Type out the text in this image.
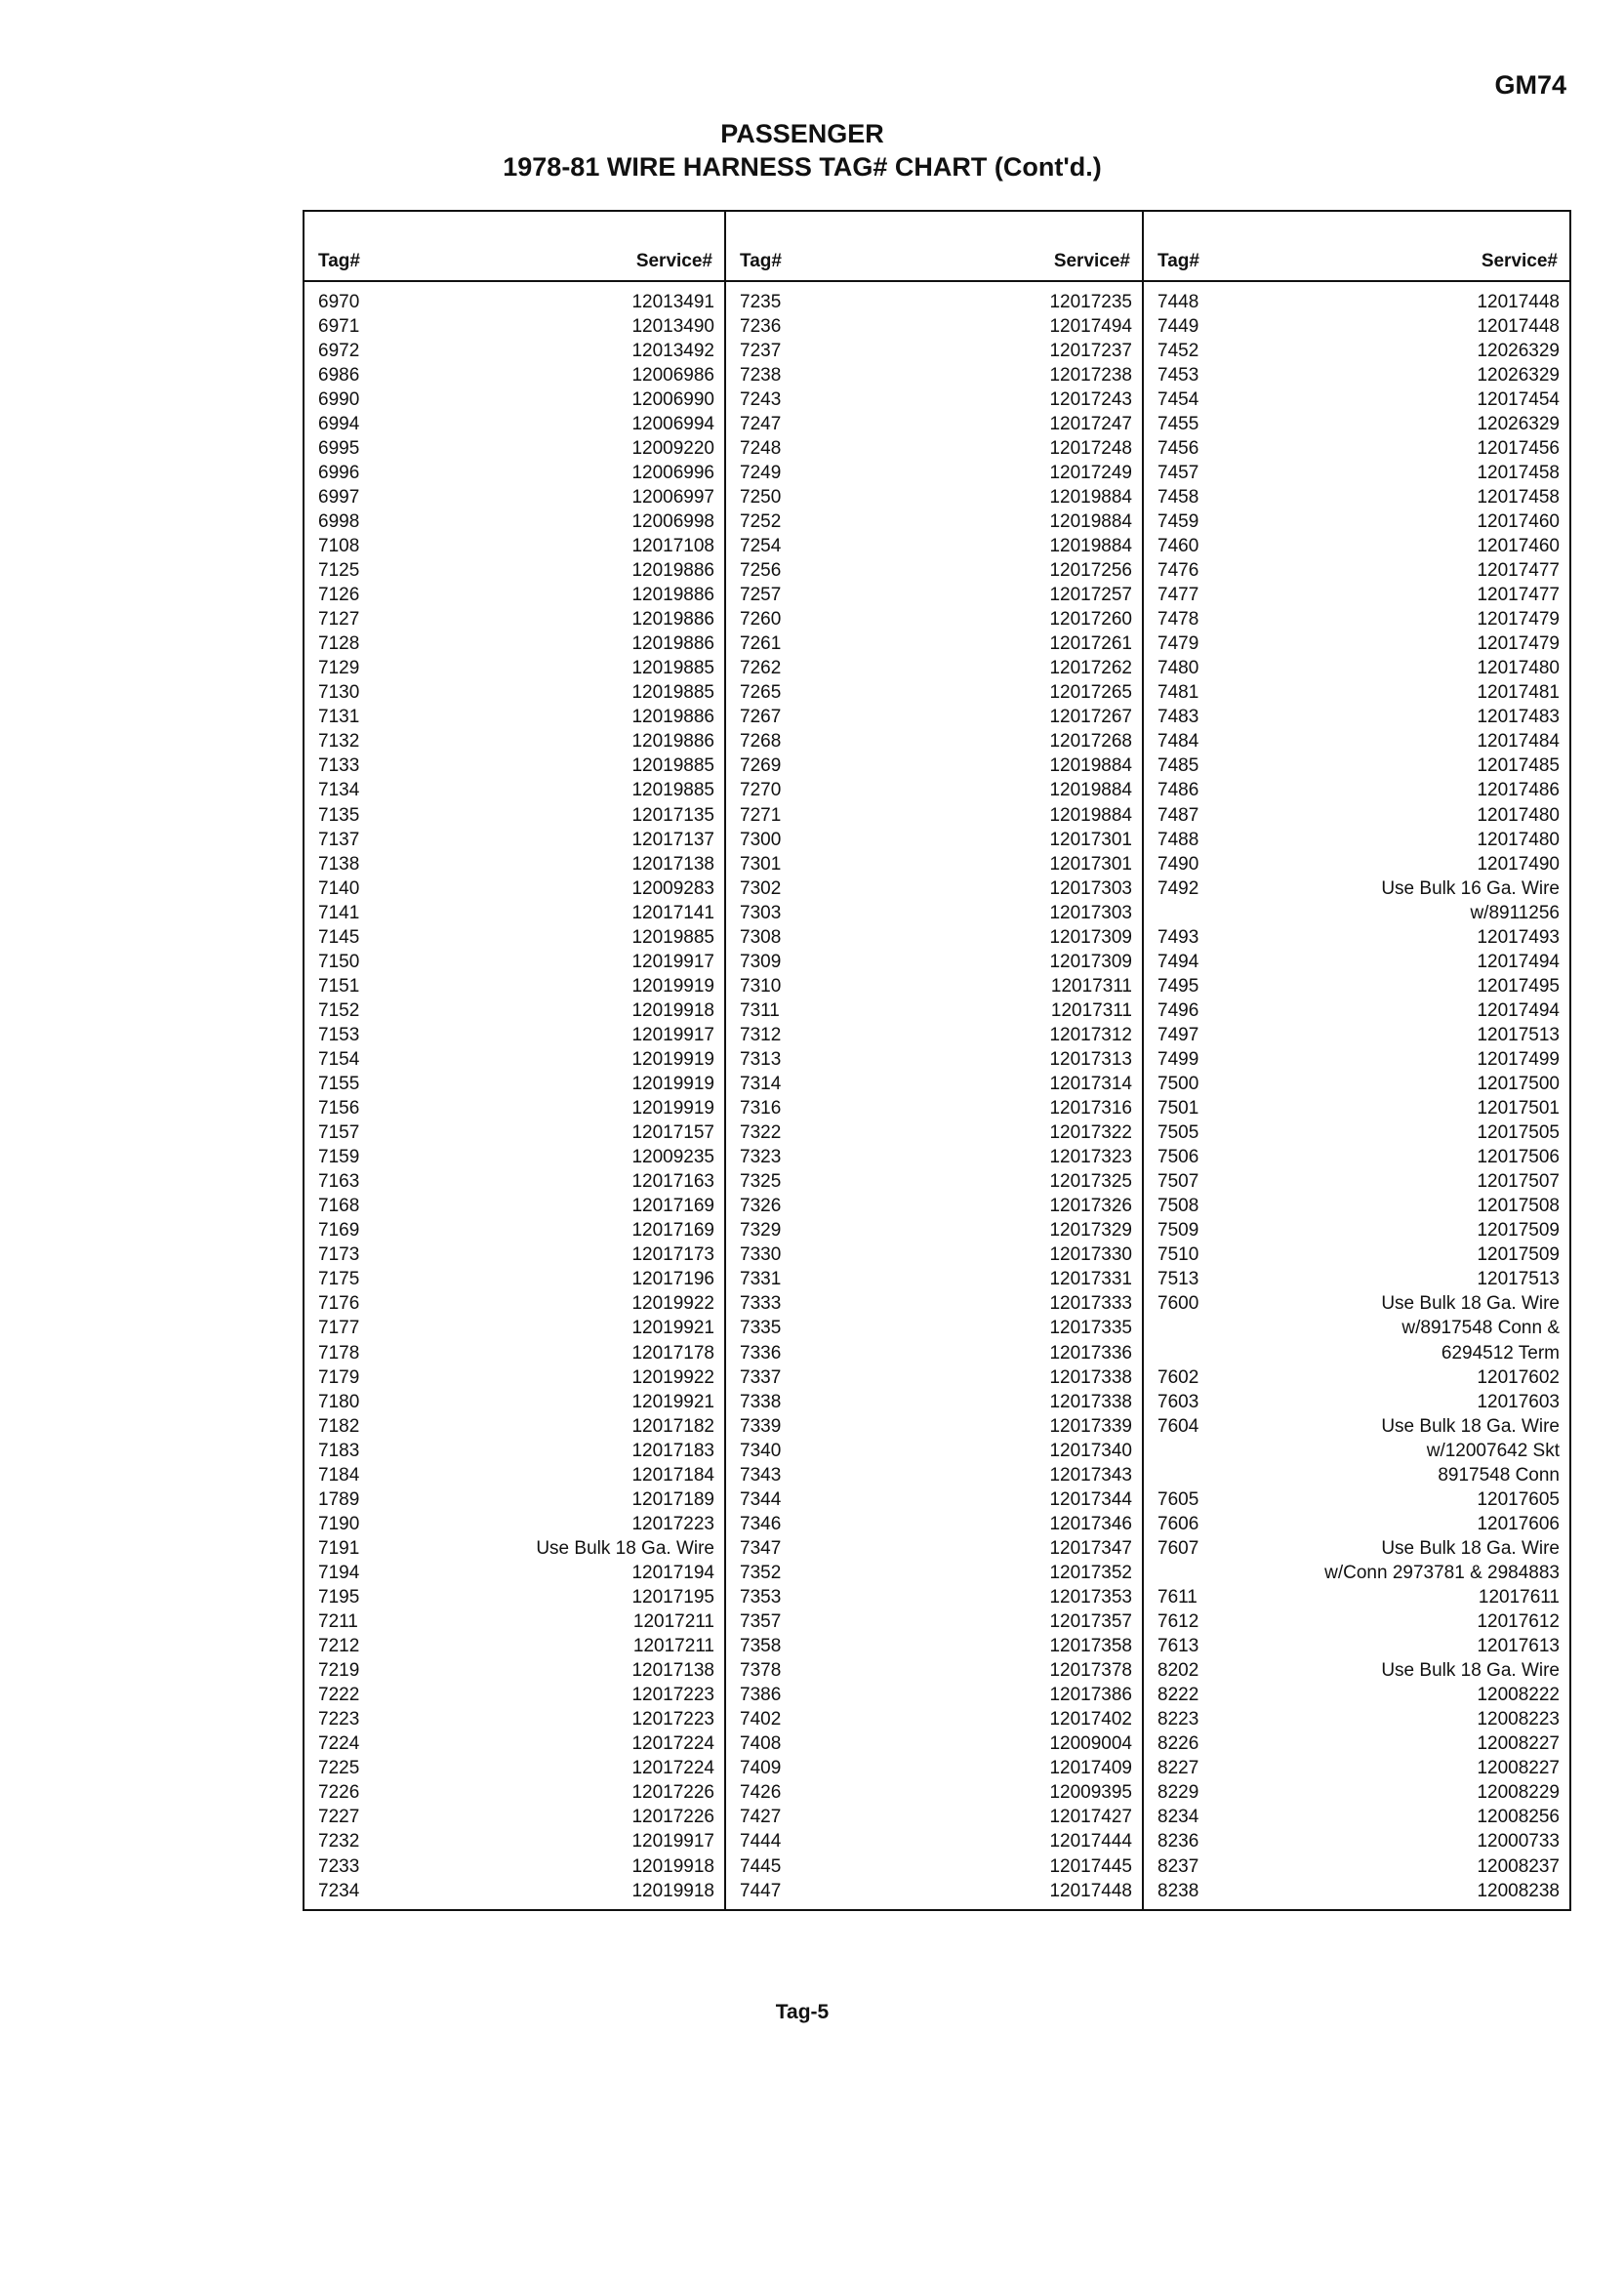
GM74
PASSENGER
1978-81 WIRE HARNESS TAG# CHART (Cont'd.)
Tag#	Service#
6970	12013491
6971	12013490
6972	12013492
6986	12006986
6990	12006990
6994	12006994
6995	12009220
6996	12006996
6997	12006997
6998	12006998
7108	12017108
7125	12019886
7126	12019886
7127	12019886
7128	12019886
7129	12019885
7130	12019885
7131	12019886
7132	12019886
7133	12019885
7134	12019885
7135	12017135
7137	12017137
7138	12017138
7140	12009283
7141	12017141
7145	12019885
7150	12019917
7151	12019919
7152	12019918
7153	12019917
7154	12019919
7155	12019919
7156	12019919
7157	12017157
7159	12009235
7163	12017163
7168	12017169
7169	12017169
7173	12017173
7175	12017196
7176	12019922
7177	12019921
7178	12017178
7179	12019922
7180	12019921
7182	12017182
7183	12017183
7184	12017184
1789	12017189
7190	12017223
7191	Use Bulk 18 Ga. Wire
7194	12017194
7195	12017195
7211	12017211
7212	12017211
7219	12017138
7222	12017223
7223	12017223
7224	12017224
7225	12017224
7226	12017226
7227	12017226
7232	12019917
7233	12019918
7234	12019918
Tag#	Service#
7235	12017235
7236	12017494
7237	12017237
7238	12017238
7243	12017243
7247	12017247
7248	12017248
7249	12017249
7250	12019884
7252	12019884
7254	12019884
7256	12017256
7257	12017257
7260	12017260
7261	12017261
7262	12017262
7265	12017265
7267	12017267
7268	12017268
7269	12019884
7270	12019884
7271	12019884
7300	12017301
7301	12017301
7302	12017303
7303	12017303
7308	12017309
7309	12017309
7310	12017311
7311	12017311
7312	12017312
7313	12017313
7314	12017314
7316	12017316
7322	12017322
7323	12017323
7325	12017325
7326	12017326
7329	12017329
7330	12017330
7331	12017331
7333	12017333
7335	12017335
7336	12017336
7337	12017338
7338	12017338
7339	12017339
7340	12017340
7343	12017343
7344	12017344
7346	12017346
7347	12017347
7352	12017352
7353	12017353
7357	12017357
7358	12017358
7378	12017378
7386	12017386
7402	12017402
7408	12009004
7409	12017409
7426	12009395
7427	12017427
7444	12017444
7445	12017445
7447	12017448
Tag#	Service#
7448	12017448
7449	12017448
7452	12026329
7453	12026329
7454	12017454
7455	12026329
7456	12017456
7457	12017458
7458	12017458
7459	12017460
7460	12017460
7476	12017477
7477	12017477
7478	12017479
7479	12017479
7480	12017480
7481	12017481
7483	12017483
7484	12017484
7485	12017485
7486	12017486
7487	12017480
7488	12017480
7490	12017490
7492	Use Bulk 16 Ga. Wire
w/8911256
7493	12017493
7494	12017494
7495	12017495
7496	12017494
7497	12017513
7499	12017499
7500	12017500
7501	12017501
7505	12017505
7506	12017506
7507	12017507
7508	12017508
7509	12017509
7510	12017509
7513	12017513
7600	Use Bulk 18 Ga. Wire
w/8917548 Conn &
6294512 Term
7602	12017602
7603	12017603
7604	Use Bulk 18 Ga. Wire
w/12007642 Skt
8917548 Conn
7605	12017605
7606	12017606
7607	Use Bulk 18 Ga. Wire
w/Conn 2973781 & 2984883
7611	12017611
7612	12017612
7613	12017613
8202	Use Bulk 18 Ga. Wire
8222	12008222
8223	12008223
8226	12008227
8227	12008227
8229	12008229
8234	12008256
8236	12000733
8237	12008237
8238	12008238
Tag-5
